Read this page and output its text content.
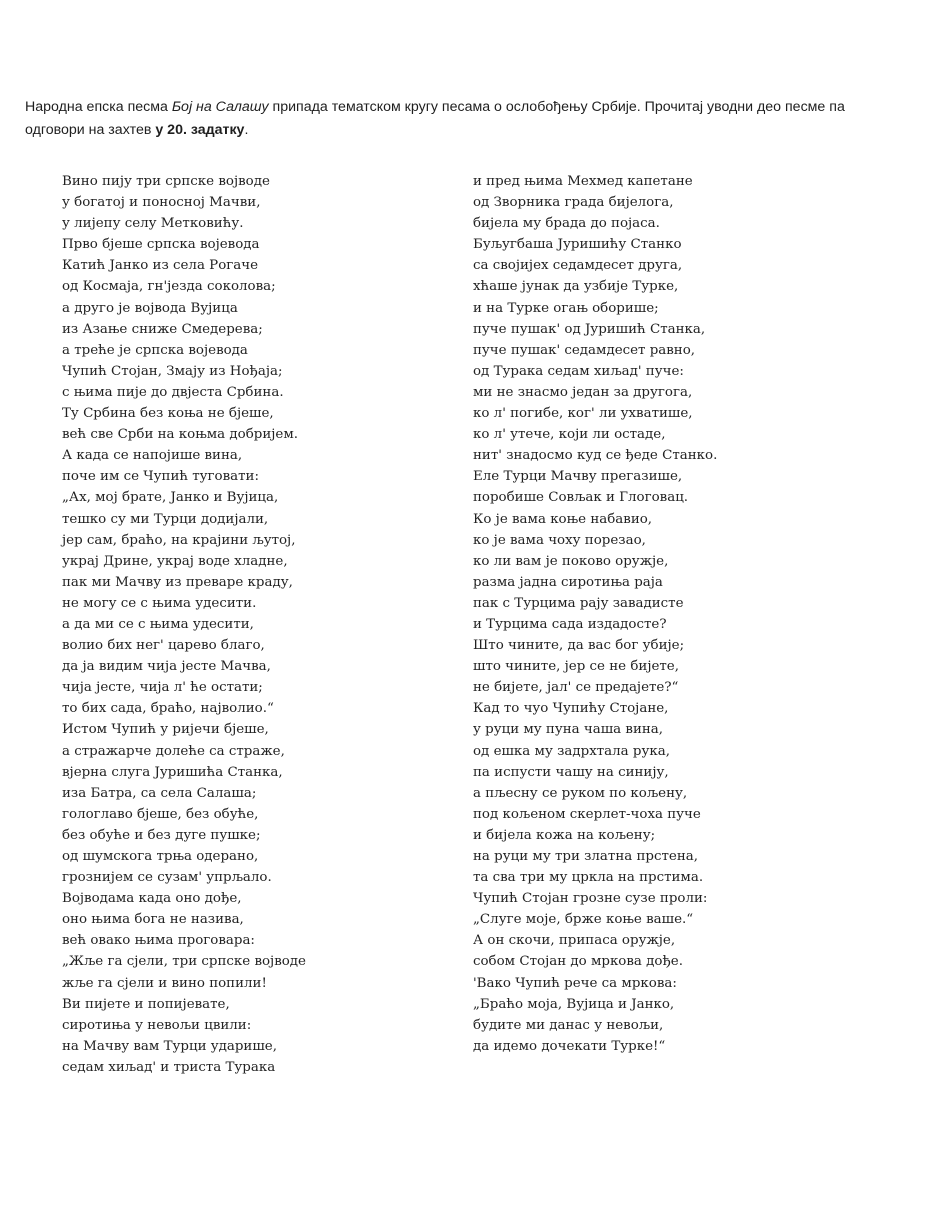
Народна епска песма Бој на Салашу припада тематском кругу песама о ослобођењу Србије. Прочитај уводни део песме па одговори на захтев у 20. задатку.
Вино пију три српске војводе
у богатој и поносној Мачви,
у лијепу селу Метковићу.
Прво бјеше српска војевода
Катић Јанко из села Рогаче
од Космаја, гн'језда соколова;
а друго је војвода Вујица
из Азање сниже Смедерева;
а треће је српска војевода
Чупић Стојан, Змају из Нођаја;
с њима пије до двјеста Србина.
Ту Србина без коња не бјеше,
већ све Срби на коњма добријем.
А када се напојише вина,
поче им се Чупић туговати:
„Ах, мој брате, Јанко и Вујица,
тешко су ми Турци додијали,
јер сам, браћо, на крајини љутој,
украј Дрине, украј воде хладне,
пак ми Мачву из преваре краду,
не могу се с њима удесити.
а да ми се с њима удесити,
волио бих нег' царево благо,
да ја видим чија јесте Мачва,
чија јесте, чија л' ће остати;
то бих сада, браћо, најволио.“
Истом Чупић у ријечи бјеше,
а стражарче долеће са страже,
вјерна слуга Јуришића Станка,
иза Батра, са села Салаша;
гологлаво бјеше, без обуће,
без обуће и без дуге пушке;
од шумскога трња одерано,
грознијем се сузам' упрљало.
Војводама када оно дође,
оно њима бога не назива,
већ овако њима проговара:
„Жље га сјели, три српске војводе
жље га сјели и вино попили!
Ви пијете и попијевате,
сиротиња у невољи цвили:
на Мачву вам Турци ударише,
седам хиљад' и триста Турака
и пред њима Мехмед капетане
од Зворника града бијелога,
бијела му брада до појаса.
Буљугбаша Јуришићу Станко
са својијех седамдесет друга,
хћаше јунак да узбије Турке,
и на Турке огањ оборише;
пуче пушак' од Јуришић Станка,
пуче пушак' седамдесет равно,
од Турака седам хиљад' пуче:
ми не знасмо један за другога,
ко л' погибе, ког' ли ухватише,
ко л' утече, који ли остаде,
нит' знадосмо куд се ђеде Станко.
Еле Турци Мачву прегазише,
поробише Совљак и Глоговац.
Ко је вама коње набавио,
ко је вама чоху порезао,
ко ли вам је поково оружје,
разма јадна сиротиња раја
пак с Турцима рају завадисте
и Турцима сада издадосте?
Што чините, да вас бог убије;
што чините, јер се не бијете,
не бијете, јал' се предајете?“
Кад то чуо Чупићу Стојане,
у руци му пуна чаша вина,
од ешка му задрхтала рука,
па испусти чашу на синију,
а пљесну се руком по кољену,
под кољеном скерлет-чоха пуче
и бијела кожа на кољену;
на руци му три златна прстена,
та сва три му цркла на прстима.
Чупић Стојан грозне сузе проли:
„Слуге моје, брже коње ваше.“
А он скочи, припаса оружје,
собом Стојан до мркова дође.
'Вако Чупић рече са мркова:
„Браћо моја, Вујица и Јанко,
будите ми данас у невољи,
да идемо дочекати Турке!“
